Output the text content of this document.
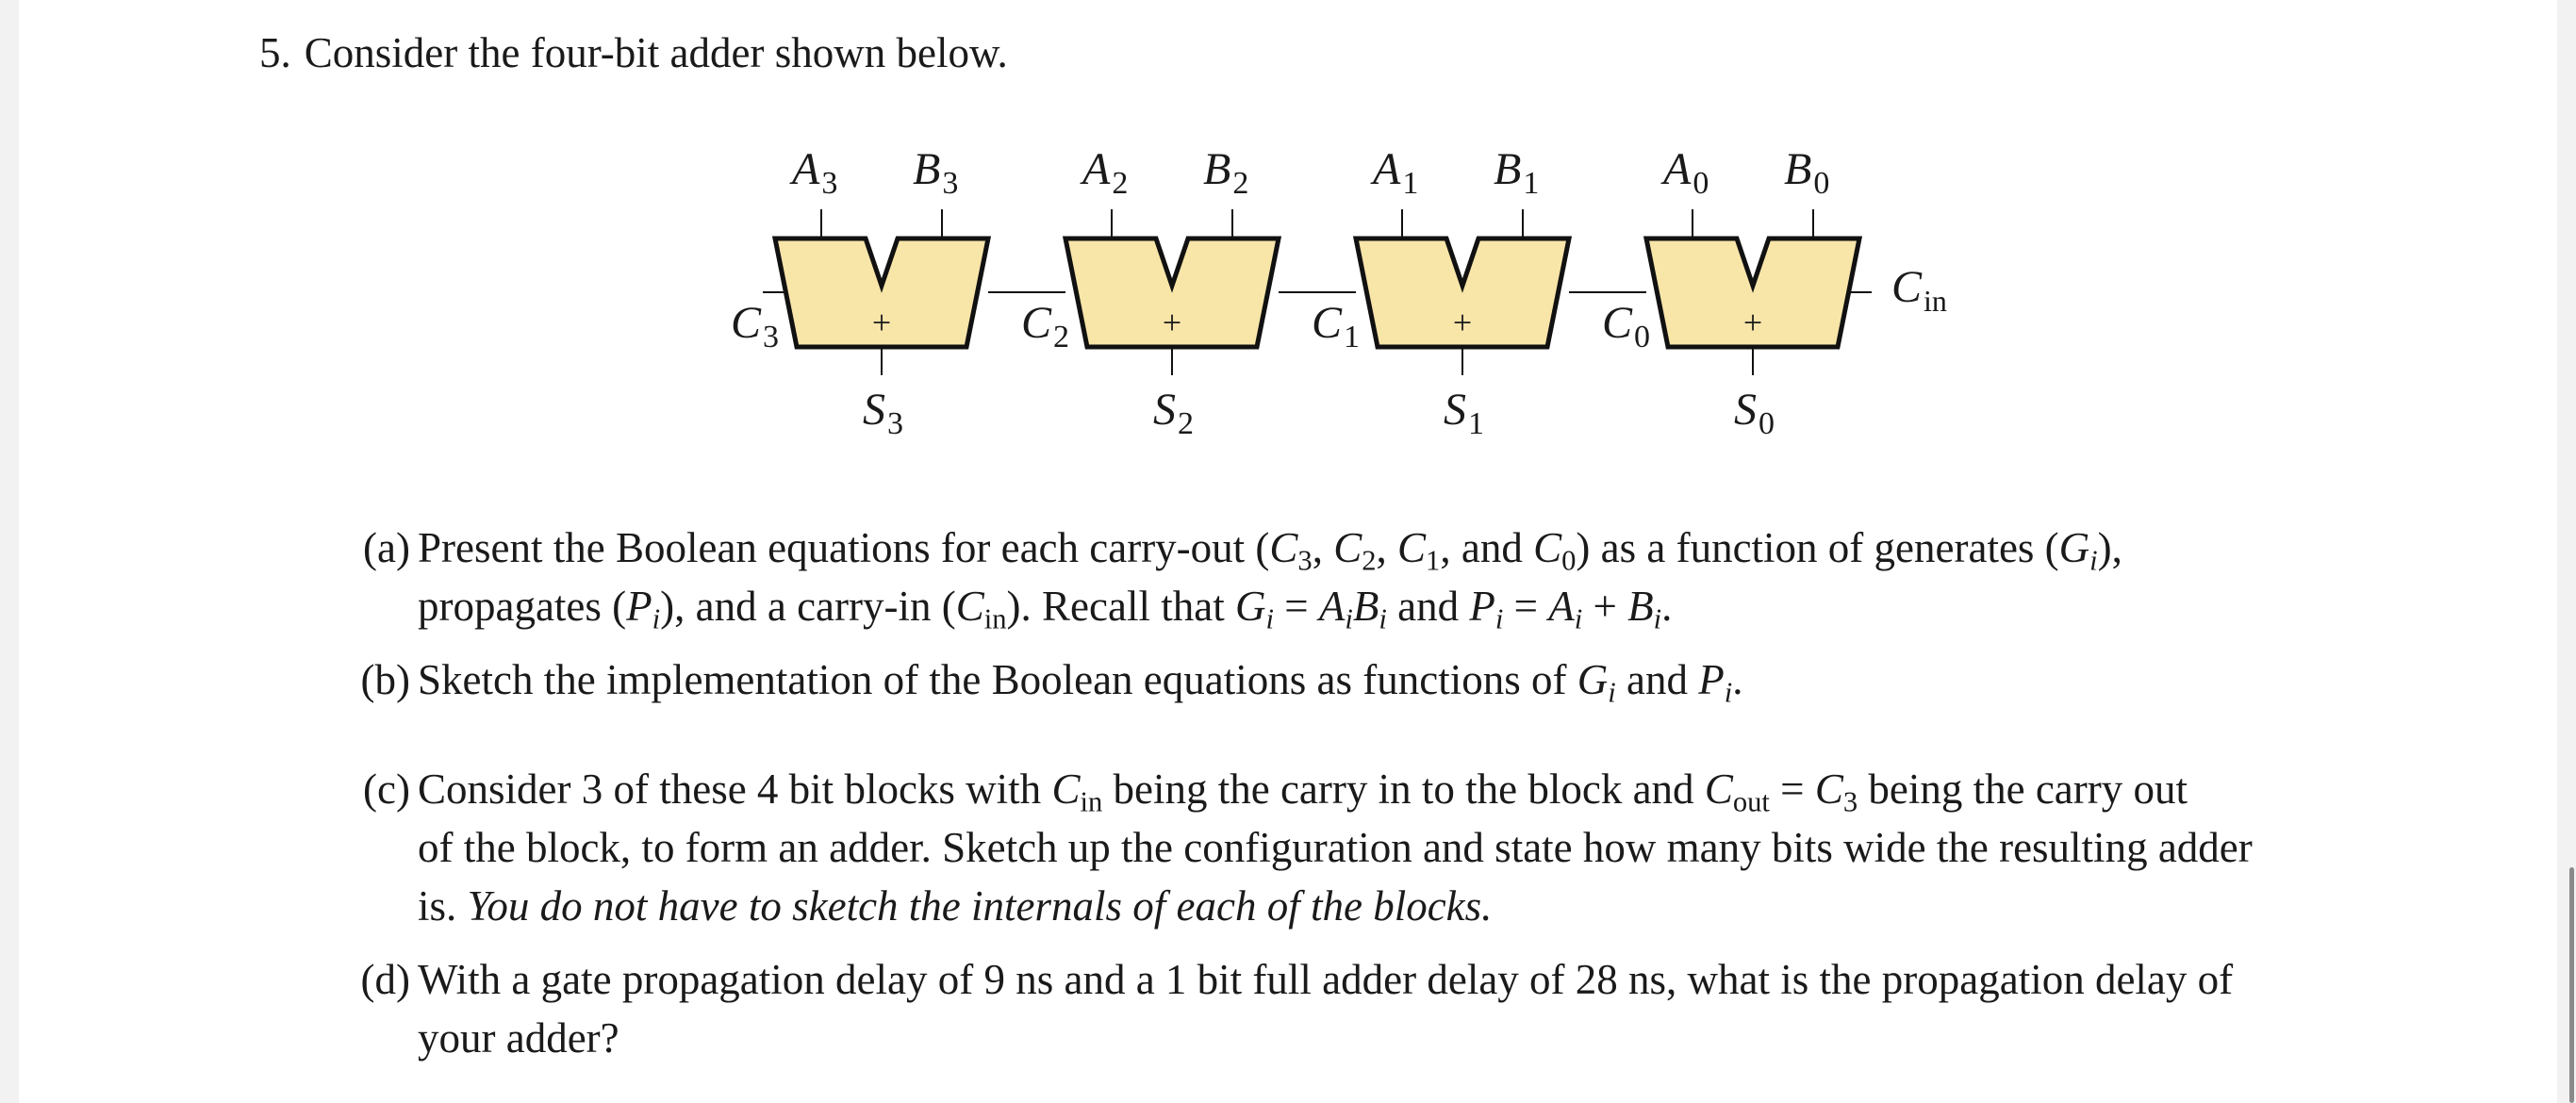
5. Consider the four-bit adder shown below.
+
$A_3$ $B_3$
$S_3$
$C_3$	+
$A_2$ $B_2$
$S_2$
$C_2$	+
$A_1$ $B_1$
$S_1$
$C_1$	+
$A_0$ $B_0$
$S_0$
$C_0$
$C_{in}$
(a) Present the Boolean equations for each carry-out ($C_3$, $C_2$, $C_1$, and $C_0$) as a function of generates $(G_i)$,
propagates $(P_i)$, and a carry-in $(C_{in})$. Recall that $G_i = A_iB_i$ and $P_i = A_i + B_i$.
(b) Sketch the implementation of the Boolean equations as functions of $G_i$ and $P_i$.
(c) Consider 3 of these 4 bit blocks with $C_{in}$ being the carry in to the block and $C_{out} = C_3$ being the carry out
of the block, to form an adder. Sketch up the configuration and state how many bits wide the resulting adder
is. You do not have to sketch the internals of each of the blocks.
(d) With a gate propagation delay of 9 ns and a 1 bit full adder delay of 28 ns, what is the propagation delay of
your adder?
